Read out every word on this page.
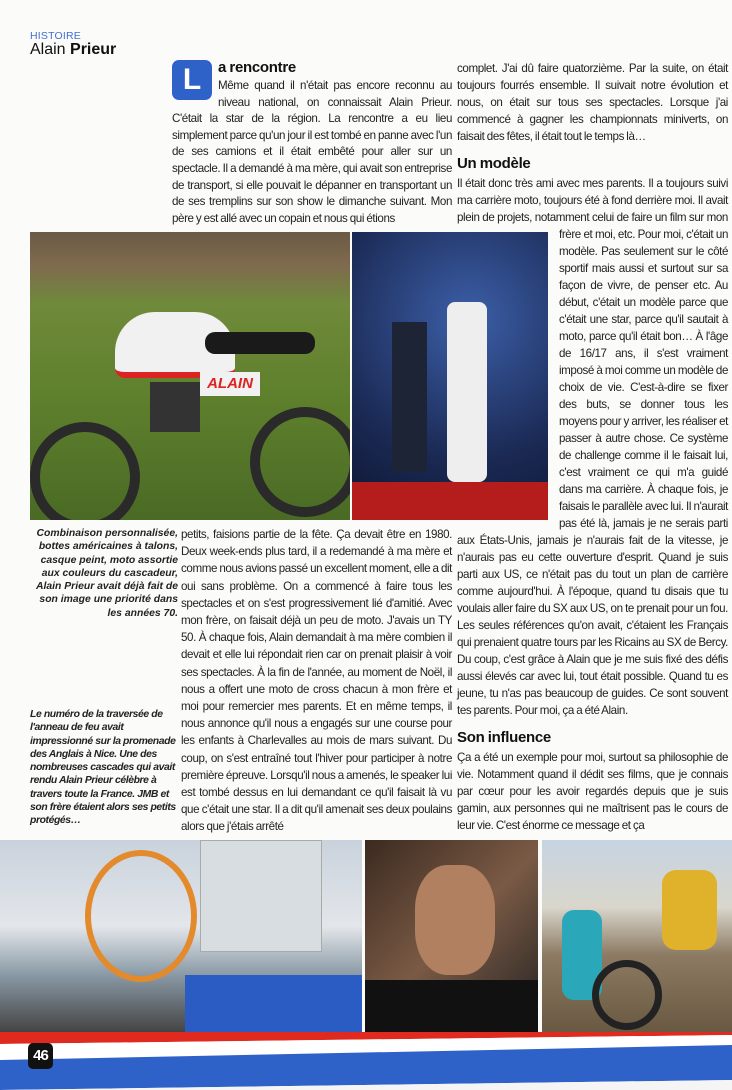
HISTOIRE
Alain Prieur
L	a rencontre

Même quand il n'était pas encore reconnu au niveau national, on connaissait Alain Prieur. C'était la star de la région. La rencontre a eu lieu simplement parce qu'un jour il est tombé en panne avec l'un de ses camions et il était embêté pour aller sur un spectacle. Il a demandé à ma mère, qui avait son entreprise de transport, si elle pouvait le dépanner en transportant un de ses tremplins sur son show le dimanche suivant. Mon père y est allé avec un copain et nous qui étions

complet. J'ai dû faire quatorzième. Par la suite, on était toujours fourrés ensemble. Il suivait notre évolution et nous, on était sur tous ses spectacles. Lorsque j'ai commencé à gagner les championnats miniverts, on faisait des fêtes, il était tout le temps là…

Un modèle

Il était donc très ami avec mes parents. Il a toujours suivi ma carrière moto, toujours été à fond derrière moi. Il avait plein de projets, notamment celui de faire un film sur mon frère et moi, etc. Pour moi, c'était un modèle. Pas seulement sur le côté sportif mais aussi et surtout sur sa façon de vivre, de penser etc. Au début, c'était un modèle parce que c'était une star, parce qu'il sautait à moto, parce qu'il était bon… À l'âge de 16/17 ans, il s'est vraiment imposé à moi comme un modèle de choix de vie. C'est-à-dire se fixer des buts, se donner tous les moyens pour y arriver, les réaliser et passer à autre chose. Ce système de challenge comme il le faisait lui, c'est vraiment ce qui m'a guidé dans ma carrière. À chaque fois, je faisais le parallèle avec lui. Il n'aurait pas été là, jamais je ne serais parti aux États-Unis, jamais je n'aurais fait de la vitesse, je n'aurais pas eu cette ouverture d'esprit. Quand je suis parti aux US, ce n'était pas du tout un plan de carrière comme aujourd'hui. À l'époque, quand tu disais que tu voulais aller faire du SX aux US, on te prenait pour un fou. Les seules références qu'on avait, c'étaient les Français qui prenaient quatre tours par les Ricains au SX de Bercy. Du coup, c'est grâce à Alain que je me suis fixé des défis aussi élevés car avec lui, tout était possible. Quand tu es jeune, tu n'as pas beaucoup de guides. Ce sont souvent tes parents. Pour moi, ça a été Alain.

Son influence

Ça a été un exemple pour moi, surtout sa philosophie de vie. Notamment quand il dédit ses films, que je connais par cœur pour les avoir regardés depuis que je suis gamin, aux personnes qui ne maîtrisent pas le cours de leur vie. C'est énorme ce message et ça

ALAIN
Combinaison personnalisée, bottes américaines à talons, casque peint, moto assortie aux couleurs du cascadeur, Alain Prieur avait déjà fait de son image une priorité dans les années 70.
Le numéro de la traversée de l'anneau de feu avait impressionné sur la promenade des Anglais à Nice. Une des nombreuses cascades qui avait rendu Alain Prieur célèbre à travers toute la France. JMB et son frère étaient alors ses petits protégés…
petits, faisions partie de la fête. Ça devait être en 1980. Deux week-ends plus tard, il a redemandé à ma mère et comme nous avions passé un excellent moment, elle a dit oui sans problème. On a commencé à faire tous les spectacles et on s'est progressivement lié d'amitié. Avec mon frère, on faisait déjà un peu de moto. J'avais un TY 50. À chaque fois, Alain demandait à ma mère combien il devait et elle lui répondait rien car on prenait plaisir à voir ses spectacles. À la fin de l'année, au moment de Noël, il nous a offert une moto de cross chacun à mon frère et moi pour remercier mes parents. Et en même temps, il nous annonce qu'il nous a engagés sur une course pour les enfants à Charlevalles au mois de mars suivant. Du coup, on s'est entraîné tout l'hiver pour participer à notre première épreuve. Lorsqu'il nous a amenés, le speaker lui est tombé dessus en lui demandant ce qu'il faisait là vu que c'était une star. Il a dit qu'il amenait ses deux poulains alors que j'étais arrêté
46
